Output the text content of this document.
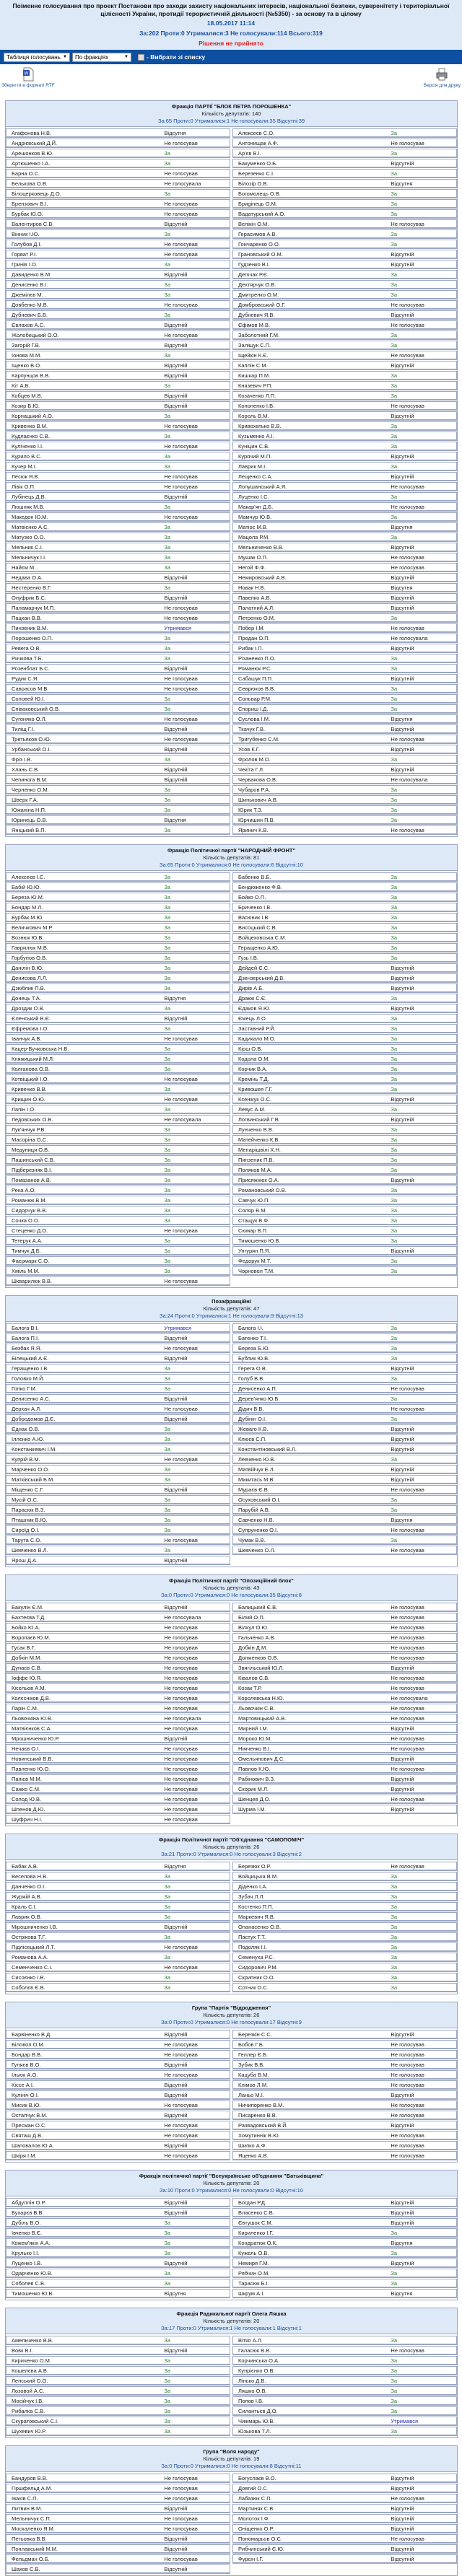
Поіменне голосування про проект Постанови про заходи захисту національних інтересів, національної безпеки, суверенітету і територіальної цілісності України, протидії терористичній діяльності (№5350) - за основу та в цілому
18.05.2017 11:14
За:202 Проти:0 Утрималися:3 Не голосували:114 Всього:319
Рішення не прийнято
Таблиця голосувань ▼ По фракціях	▼	- Вибрати зі списку
W
Зберегти в форматі RTF	Версія для друку
Фракція ПАРТІЇ "БЛОК ПЕТРА ПОРОШЕНКА"
Кількість депутатів: 140
За:65 Проти:0 Утрималися:1 Не голосували:35 Відсутні:39
Агафонова Н.В.	Відсутня	Алексеєв С.О.	За
Андрієвський Д.Й.	Не голосував	Антонищак А.Ф.	Не голосував
Арешонков В.Ю.	За	Ар'єв В.І.	За
Артюшенко І.А.	За	Бакуменко О.Б.	Відсутній
Барна О.С.	Не голосував	Березенко С.І.	За
Бельковa О.В.	Не голосувала	Білозір О.В.	Відсутня
Білоцерковець Д.О.	За	Богомолець О.В.	За
Брензович В.І.	Не голосував	Бриginець О.М.	За
Бурбак Ю.О.	Не голосував	Вадатурський А.О.	За
Валентиров С.В.	Відсутній	Велікін О.М.	Не голосував
Вінник І.Ю.	За	Герасимов А.В.	За
Голубов Д.І.	Не голосував	Гончаренко О.О.	За
Горват Р.І.	Не голосував	Грановський О.М.	Відсутній
Гринів І.О.	За	Гудзенко В.І.	Відсутній
Давиденко В.М.	Відсутній	Деmчак Р.Є.	За
Денисенко В.І.	За	Дехтярчук О.В.	За
Джемілєв М. .	За	Дмитренко О.М.	За
Довбенко М.В.	Не голосував	Домбровський О.Г.	Не голосував
Дубневич Б.В.	За	Дубневич Я.В.	Відсутній
Євлахов А.С.	Відсутній	Єфімов М.В.	Не голосував
Жолобецький О.О.	Не голосував	Заболотний Г.М.	За
Загорій Г.В.	Відсутній	Заліщук С.П.	За
Іонова М.М.	За	Іщейкін К.Є.	Не голосував
Іщенко В.О.	Відсутній	Каплін С.М.	Відсутній
Карпунцов В.В.	Відсутній	Кишкар П.М.	За
Кіт А.Б.	За	Князевич Р.П.	За
Кобцев М.В.	Відсутній	Козаченко Л.П.	За
Козир Б.Ю.	Відсутній	Кононенко І.В.	Не голосував
Корнацький А.О.	За	Король В.М.	Відсутній
Кривенко В.М.	Не голосував	Кривохатько В.В.	За
Кудлаєнко С.В.	За	Кузьменко А.І.	За
Куліченко І.І.	Не голосував	Куніцин С.В.	За
Курило В.С.	За	Курячий М.П.	Відсутній
Кучер М.І.	За	Лаврик М.І.	За
Лесюк Я.В.	Не голосував	Лещенко С.А.	Відсутній
Лівік О.П.	Не голосував	Лопушанський А.Я.	Не голосував
Лубінець Д.В.	Відсутній	Луценко І.С.	За
Люшняк М.В.	За	Макар'ян Д.Б.	Не голосував
Македон Ю.М.	Не голосував	Мамчур Ю.В.	За
Матвієнко А.С.	За	Матіос М.В.	Відсутня
Матузко О.О.	За	Мацола Р.М.	За
Мельник С.І.	За	Мельниченко В.В.	Відсутній
Мельничук І.І.	За	Мушак О.П.	Не голосував
Найєм М. .	За	Негой Ф.Ф.	Не голосував
Недава О.А.	Відсутній	Немировський А.В.	Відсутній
Нестеренко В.Г.	За	Новак Н.В.	Відсутня
Онуфрик Б.С.	Відсутній	Павелко А.В.	Відсутній
Паламарчук М.П.	Не голосував	Палатний А.Л.	Відсутній
Пацкан В.В.	Не голосував	Петренко О.М.	За
Пинзеник В.М.	Утримався	Побер І.М.	Не голосував
Порошенко О.П.	За	Продан О.П.	Не голосувала
Ревега О.В.	За	Рибак І.П.	Відсутній
Ричкова Т.Б.	За	Різаненко П.О.	За
Розенблат Б.С.	Відсутній	Романюк Р.С.	За
Рудик С.Я.	Не голосував	Сабашук П.П.	Відсутній
Саврасов М.В.	Не голосував	Севрюков В.В.	За
Соловей Ю.І.	За	Сольвар Р.М.	За
Співаковський О.В.	За	Спориш І.Д.	За
Сугоняко О.Л.	Не голосував	Суслова І.М.	Відсутня
Тиліщ Г.І.	Відсутній	Ткачук Г.В.	Відсутній
Третьяков О.Ю.	Не голосував	Тригубенко С.М.	Не голосував
Урбанський О.І.	Відсутній	Усов К.Г.	Відсутній
Фріз І.В.	За	Фролов М.О.	За
Хлань С.В.	Відсутній	Чекіта Г.Л.	Відсутній
Чепинога В.М.	Відсутній	Червакова О.В.	Не голосувала
Черненко О.М.	За	Чубаров Р.А.	За
Шверк Г.А.	За	Шинькович А.В.	За
Южаніна Н.П.	За	Юрик Т.З.	За
Юринець О.В.	Відсутня	Юрчишин П.В.	За
Яніцький В.П.	За	Яринич К.В.	Не голосував
Фракція Політичної партії "НАРОДНИЙ ФРОНТ"
Кількість депутатів: 81
За:65 Проти:0 Утрималися:0 Не голосували:6 Відсутні:10
Алексеєв І.С.	За	Бабенко В.Б.	За
Бабій Ю.Ю.	За	Бендюженко Ф.В.	За
Береза Ю.М.	За	Бойко О.П.	За
Бондар М.Л.	За	Бриченко І.В.	За
Бурбак М.Ю.	За	Васюник І.В.	За
Величкович М.Р.	За	Висоцький С.В.	За
Вознюк Ю.В.	За	Войцеховська С.М.	За
Гаврилюк М.В.	За	Геращенко А.Ю.	За
Горбунов О.В.	За	Гузь І.В.	За
Данілін В.Ю.	За	Дейдей Є.С.	Відсутній
Денисова Л.Л.	За	Дзензерський Д.В.	Відсутній
Дзюблик П.В.	За	Дирів А.Б.	Відсутній
Донець Т.А.	Відсутня	Драюк С.Є.	За
Дроздик О.В.	За	Єдаков Я.Ю.	Відсутній
Єленський В.Є.	Відсутній	Ємець Л.О.	За
Єфремова І.О.	За	Заставний Р.Й.	За
Іванчук А.В.	Не голосував	Кадикало М.О.	За
Кацер-Бучковська Н.В.	За	Кірш О.В.	За
Княжицький М.Л.	За	Кодола О.М.	За
Колганова О.В.	За	Корчик В.А.	За
Котвіцький І.О.	Не голосував	Кремінь Т.Д.	За
Кривенко В.В.	За	Кривошея Г.Г.	За
Крищин О.Ю.	Не голосував	Ксенжук О.С.	Відсутній
Лапін І.О.	За	Левус А.М.	За
Ледовських О.В.	Не голосувала	Логвинський Г.В.	Відсутній
Лук'янчук Р.В.	За	Лунченко В.В.	За
Масоріна О.С.	За	Матейченко К.В.	За
Медуниця О.В.	За	Мепарішвілі Х.Н.	За
Пашинський С.В.	За	Пинзеник П.В.	За
Підберезняк В.І.	За	Поляков М.А.	За
Помазанов А.В.	За	Присяжнюк О.А.	Відсутній
Река А.О.	За	Романовський О.В.	За
Романюк В.М.	За	Савчук Ю.П.	За
Сидорчук В.В.	За	Соляр В.М.	За
Сочка О.О.	За	Стащук В.Ф.	За
Стеценко Д.О.	Не голосував	Сюмар В.П.	За
Тетерук А.А.	За	Тимошенко Ю.В.	За
Тимчук Д.Б.	За	Унгурян П.Я.	Відсутній
Фаєрмарк С.О.	За	Федорук М.Т.	За
Хміль М.М.	За	Чорновол Т.М.	За
Шкварилюк В.В.	Не голосував
Позафракційні
Кількість депутатів: 47
За:24 Проти:0 Утрималися:1 Не голосували:9 Відсутні:13
Балога В.І.	Утримався	Балога І.І.	За
Балога П.І.	Відсутній	Батенко Т.І.	За
Безбах Я.Я.	Не голосував	Береза Б.Ю.	За
Білецький А.Є.	Відсутній	Бублик Ю.В.	За
Геращенко І.В.	За	Герега О.В.	Відсутній
Головко М.Й.	За	Голуб В.В.	За
Гопко Г.М.	За	Денисенко А.П.	Не голосував
Денисенко А.С.	Відсутній	Дерев'янко Ю.Б.	За
Дерхач А.Л.	Не голосував	Дідич В.В.	Не голосував
Добродомов Д.Є.	Відсутній	Дубінін О.І.	За
Єднак О.В.	За	Жеваго К.В.	Відсутній
Іллєнко А.Ю.	За	Клюєв С.П.	Відсутній
Констанкевич І.М.	За	Константіновський В.Л.	Відсутній
Купрій В.М.	Не голосував	Левченко Ю.В.	За
Марченко О.О.	За	Матвійчук Е.Л.	Відсутній
Матківський Б.М.	За	Микитась М.В.	Відсутній
Міщенко С.Г.	Відсутній	Мураєв Є.В.	Не голосував
Мусій О.С.	За	Осуховський О.І.	За
Парасюк В.З.	За	Парубій А.В.	За
Пташник В.Ю.	За	Савченко Н.В.	Відсутня
Сироїд О.І.	За	Супруненко О.І.	Не голосував
Тарута С.О.	Не голосував	Чумак В.В.	За
Шевченко В.Л.	За	Шевченко О.Л.	Не голосував
Ярош Д.А.	Відсутній
Фракція Політичної партії "Опозиційний блок"
Кількість депутатів: 43
За:0 Проти:0 Утрималися:0 Не голосували:35 Відсутні:8
Бакулін Є.М.	Відсутній	Балицький Є.В.	Не голосував
Бахтеєва Т.Д.	Не голосувала	Білий О.П.	Не голосував
Бойко Ю.А.	Не голосував	Вілкул О.Ю.	Не голосував
Воропаєв Ю.М.	Не голосував	Гальченко А.В.	Не голосував
Гусак В.Г.	Не голосував	Добкін Д.М.	Не голосував
Добкін М.М.	Не голосував	Долженков О.В.	Не голосував
Дунаєв С.В.	Не голосував	Звягільський Ю.Л.	Відсутній
Іоффе Ю.Я.	Не голосував	Ківалов С.В.	Не голосував
Кісельов А.М.	Не голосував	Козак Т.Р.	Не голосував
Колєсніков Д.В.	Не голосував	Королевська Н.Ю.	Не голосувала
Ларін С.М.	Не голосував	Льовочкін С.В.	Не голосував
Льовочкіна Ю.В.	Не голосувала	Мартовицький А.В.	Не голосував
Матвієнков С.А.	Не голосував	Мирний І.М.	Відсутній
Мрошниченко Ю.Р.	Відсутній	Мороко Ю.М.	Не голосував
Нечаєв О.І.	Не голосував	Німченко В.І.	Не голосував
Новинський В.В.	Не голосував	Омельянович Д.С.	Відсутній
Павленко Ю.О.	Не голосував	Павлов К.Ю.	Не голосував
Папієв М.М.	Не голосував	Рабінович В.З.	Відсутній
Сажко С.М.	Не голосував	Скорик М.Л.	Відсутній
Солод Ю.В.	Не голосував	Шенцев Д.О.	Не голосував
Шпенов Д.Ю.	Не голосував	Шурма І.М.	Відсутній
Шуфрич Н.І.	Не голосував
Фракція Політичної партії "Об'єднання "САМОПОМІЧ"
Кількість депутатів: 26
За:21 Проти:0 Утрималися:0 Не голосували:3 Відсутні:2
Бабак А.В.	Відсутня	Березюк О.Р.	Не голосував
Веселова Н.В.	За	Войцицька В.М.	За
Данченко О.І.	За	Діденко І.А.	За
Журжій А.В.	За	Зубач Л.Л.	За
Краль С.І.	За	Костенко П.П.	За
Лаврик О.В.	За	Маркевич Я.В.	За
Мірошниченко І.В.	Відсутній	Опанасенко О.В.	За
Острікова Т.Г.	За	Пастух Т.Т.	За
Підлісецький Л.Т.	Не голосував	Подоляк І.І.	За
Романова А.А.	За	Семенуха Р.С.	За
Семенченко С.І.	Не голосував	Сидорович Р.М.	За
Сисоєнко І.В.	За	Скрипник О.О.	За
Соболєв Є.В.	За	Сотник О.С.	За
Група "Партія "Відродження"
Кількість депутатів: 26
За:0 Проти:0 Утрималися:0 Не голосували:17 Відсутні:9
Барвіненко В.Д.	Відсутній	Березкін С.С.	Відсутній
Біловол О.М.	Не голосував	Бобов Г.Б.	Не голосував
Бондар В.В.	Не голосував	Геллер Є.Б.	Не голосував
Гуляєв В.О.	Відсутній	Зубик В.В.	Не голосував
Ільюк А.О.	Не голосував	Кацуба В.М.	Не голосував
Кіссе А.І.	Відсутній	Клімов Л.М.	Не голосував
Кулініч О.І.	Відсутній	Ланьо М.І.	Відсутній
Мисик В.Ю.	Не голосував	Ничипоренко В.М.	Не голосував
Остапчук В.М.	Відсутній	Писаренко В.В.	Не голосував
Пресман О.С.	Не голосував	Развадовський В.Й.	Відсутній
Святаш Д.В.	Не голосував	Хомутиннік В.Ю.	Не голосував
Шаповалов Ю.А.	Відсутній	Шипко А.Ф.	Не голосував
Шкіря І.М.	Не голосував	Яценко А.В.	Не голосував
Фракція політичної партії "Всеукраїнське об'єднання "Батьківщина"
Кількість депутатів: 20
За:10 Проти:0 Утрималися:0 Не голосували:0 Відсутні:10
Абдуллін О.Р.	Відсутній	Богдан Р.Д.	Відсутній
Бухарєв В.В.	Відсутній	Власенко С.В.	Відсутній
Дубіль В.О.	За	Євтушок С.М.	Відсутній
Івченко В.Є.	За	Кириленко І.Г.	За
Кожем'якін А.А.	За	Кондратюк О.К.	Відсутня
Крулько І.І.	За	Кужель О.В.	За
Луценко І.В.	Відсутній	Немиря Г.М.	Відсутній
Одарченко Ю.В.	За	Рябчин О.М.	За
Соболев С.В.	За	Тарасюк Б.І.	За
Тимошенко Ю.В.	Відсутня	Шкрум А.І.	Відсутня
Фракція Радикальної партії Олега Ляшка
Кількість депутатів: 20
За:17 Проти:0 Утрималися:1 Не голосували:1 Відсутні:1
Амельченко В.В.	За	Вітко А.Л.	За
Вовк В.І.	Відсутній	Галасюк В.В.	Не голосував
Кириченко О.М.	За	Корчинська О.А.	За
Кошелєва А.В.	За	Купрієнко О.В.	За
Ленський О.О.	За	Лінько Д.В.	За
Лозовой А.С.	За	Ляшко О.В.	За
Мосійчук І.В.	За	Попов І.В.	За
Рибалка С.В.	За	Силантьєв Д.О.	За
Скуратовський С.І.	За	Чижмарь Ю.В.	Утримався
Шухевич Ю.Р.	За	Юзькова Т.Л.	За
Група "Воля народу"
Кількість депутатів: 19
За:0 Проти:0 Утрималися:0 Не голосували:8 Відсутні:11
Бандуров В.В.	Не голосував	Богуслаєв В.О.	Відсутній
Гіршфельд А.М.	Не голосував	Довгий О.С.	Відсутній
Івахів С.П.	Не голосував	Лабазюк С.П.	Не голосував
Литвин В.М.	Відсутній	Мартиняк С.В.	Відсутній
Мельничук С.П.	Не голосував	Молоток І.Ф.	Відсутній
Москаленко Я.М.	Не голосував	Оніщенко О.Р.	Відсутній
Петьовка В.В.	Відсутній	Пономарьов О.С.	Не голосував
Поплавський М.М.	Відсутній	Рибчинський Є.Ю.	Відсутній
Фельдман О.Б.	Не голосував	Фурсін І.Г.	Відсутній
Шахов С.В.	Відсутній
